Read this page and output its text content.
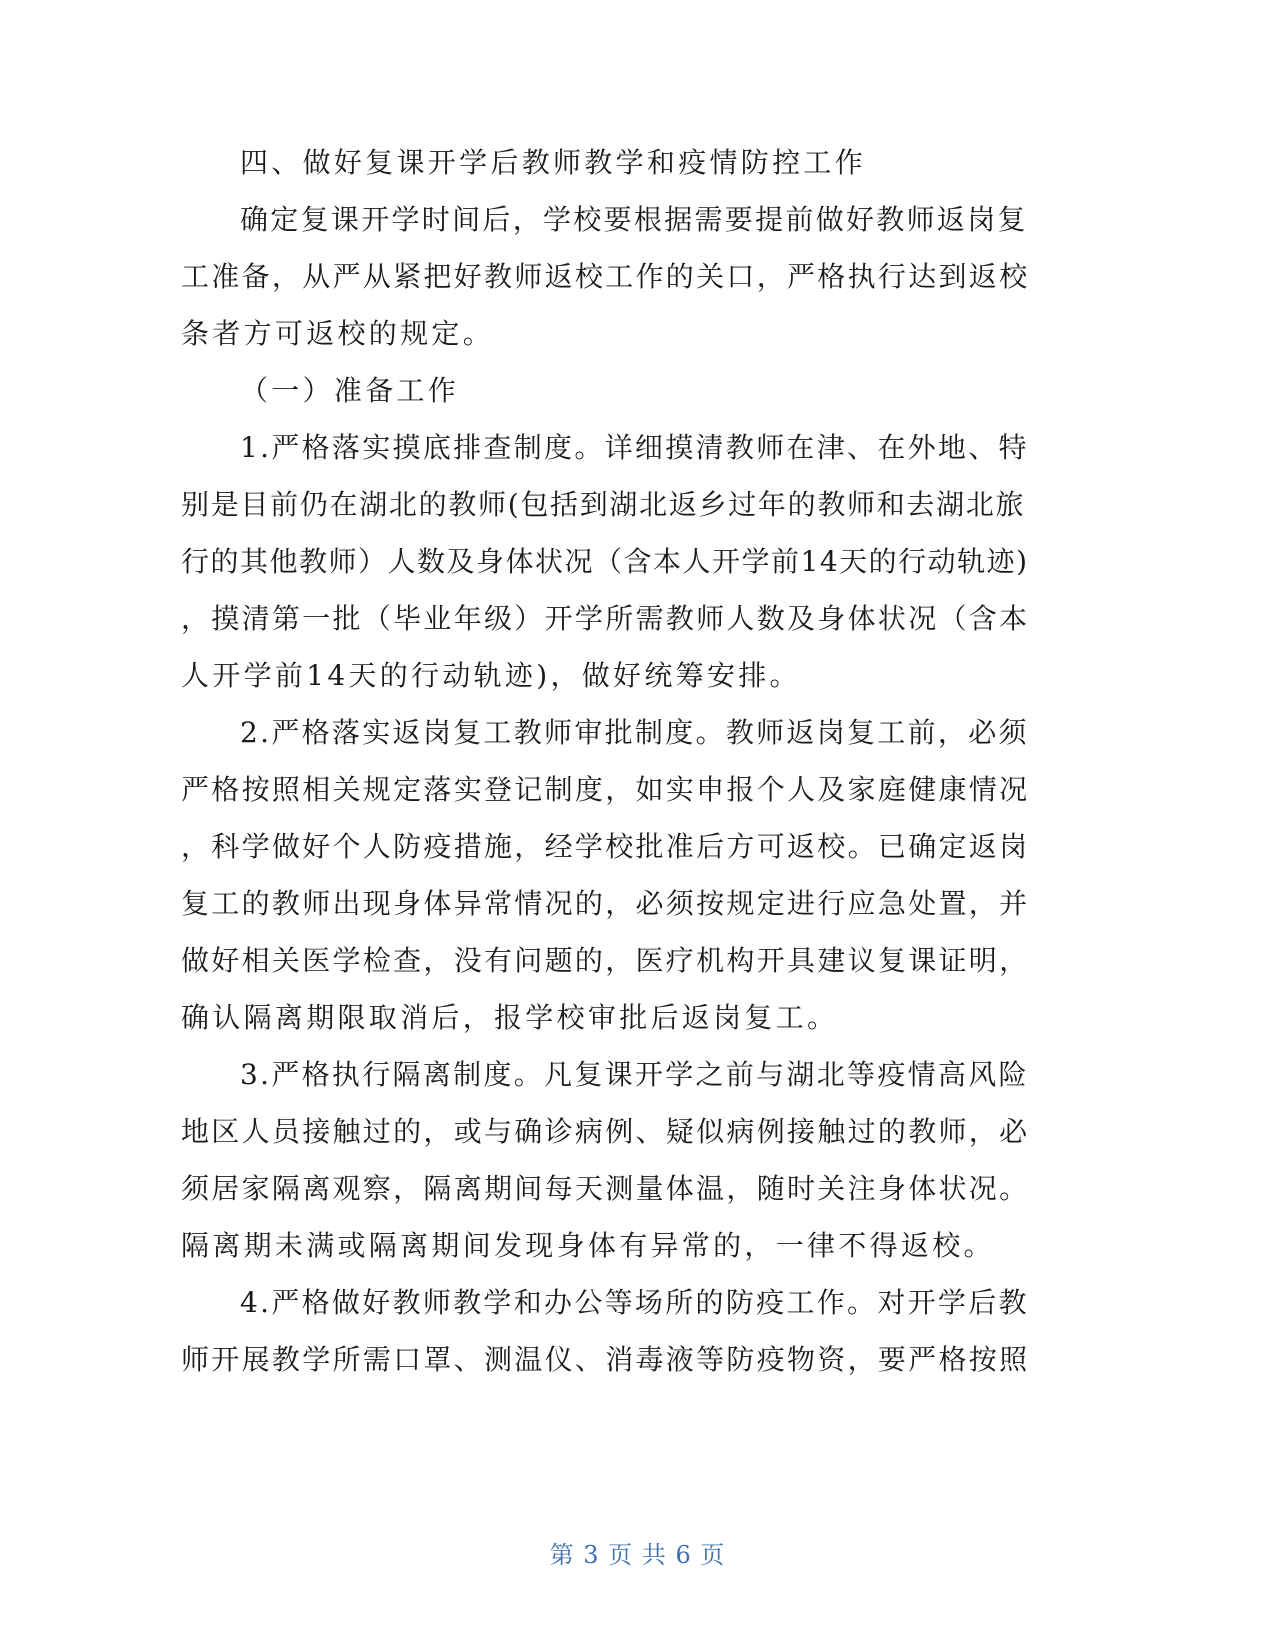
四、做好复课开学后教师教学和疫情防控工作
确定复课开学时间后，学校要根据需要提前做好教师返岗复
工准备，从严从紧把好教师返校工作的关口，严格执行达到返校
条者方可返校的规定。
（一）准备工作
1.严格落实摸底排查制度。详细摸清教师在津、在外地、特
别是目前仍在湖北的教师(包括到湖北返乡过年的教师和去湖北旅
行的其他教师）人数及身体状况（含本人开学前14天的行动轨迹)
，摸清第一批（毕业年级）开学所需教师人数及身体状况（含本
人开学前14天的行动轨迹)，做好统筹安排。
2.严格落实返岗复工教师审批制度。教师返岗复工前，必须
严格按照相关规定落实登记制度，如实申报个人及家庭健康情况
，科学做好个人防疫措施，经学校批准后方可返校。已确定返岗
复工的教师出现身体异常情况的，必须按规定进行应急处置，并
做好相关医学检查，没有问题的，医疗机构开具建议复课证明，
确认隔离期限取消后，报学校审批后返岗复工。
3.严格执行隔离制度。凡复课开学之前与湖北等疫情高风险
地区人员接触过的，或与确诊病例、疑似病例接触过的教师，必
须居家隔离观察，隔离期间每天测量体温，随时关注身体状况。
隔离期未满或隔离期间发现身体有异常的，一律不得返校。
4.严格做好教师教学和办公等场所的防疫工作。对开学后教
师开展教学所需口罩、测温仪、消毒液等防疫物资，要严格按照
第 3 页 共 6 页
